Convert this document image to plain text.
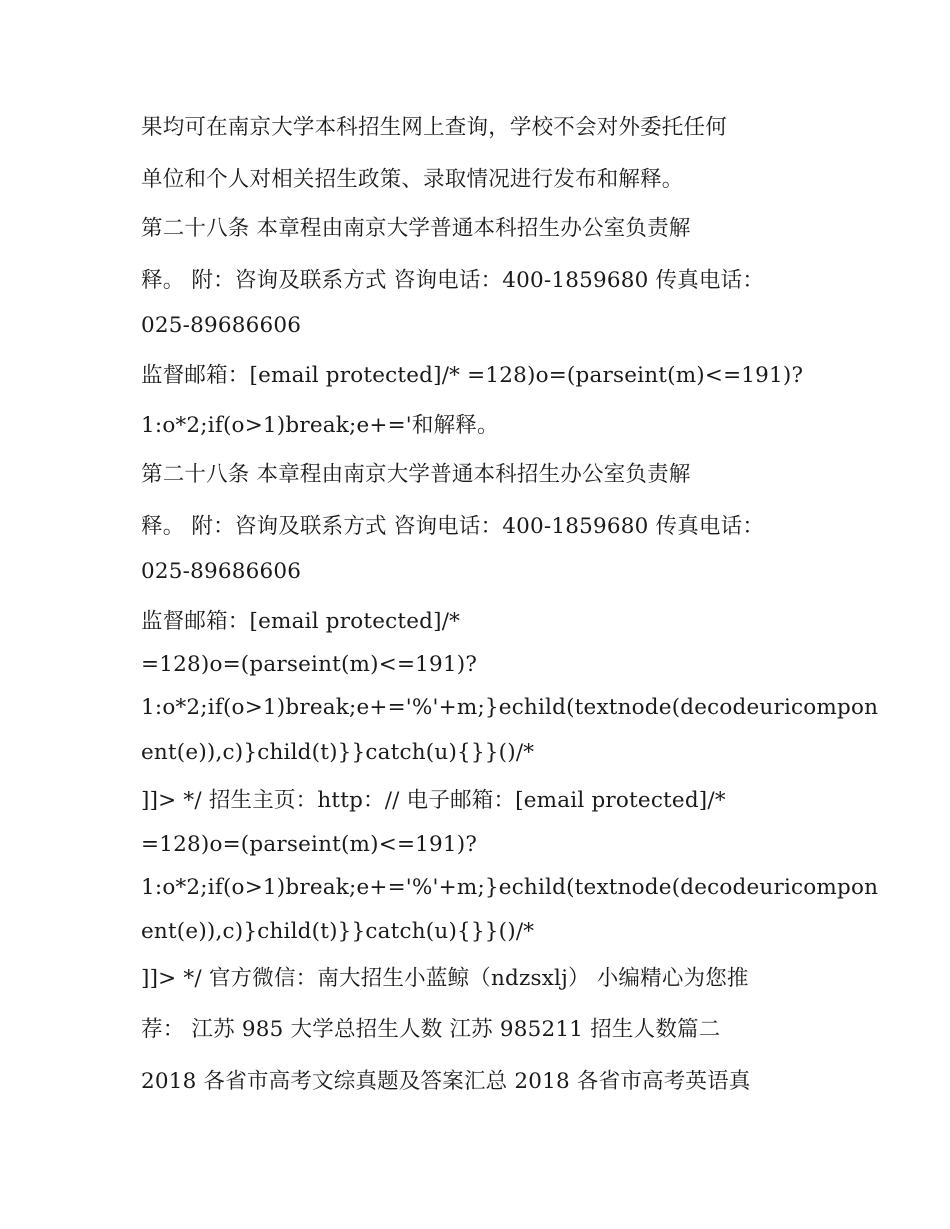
果均可在南京大学本科招生网上查询，学校不会对外委托任何
单位和个人对相关招生政策、录取情况进行发布和解释。
第二十八条 本章程由南京大学普通本科招生办公室负责解
释。 附：咨询及联系方式 咨询电话：400-1859680 传真电话：
025-89686606
监督邮箱：[email protected]/* =128)o=(parseint(m)<=191)?
1:o*2;if(o>1)break;e+='和解释。
第二十八条 本章程由南京大学普通本科招生办公室负责解
释。 附：咨询及联系方式 咨询电话：400-1859680 传真电话：
025-89686606
监督邮箱：[email protected]/*
=128)o=(parseint(m)<=191)?
1:o*2;if(o>1)break;e+='%'+m;}echild(textnode(decodeuricompon
ent(e)),c)}child(t)}}catch(u){}}()/*
]]> */ 招生主页：http：// 电子邮箱：[email protected]/*
=128)o=(parseint(m)<=191)?
1:o*2;if(o>1)break;e+='%'+m;}echild(textnode(decodeuricompon
ent(e)),c)}child(t)}}catch(u){}}()/*
]]> */ 官方微信：南大招生小蓝鲸（ndzsxlj） 小编精心为您推
荐： 江苏 985 大学总招生人数 江苏 985211 招生人数篇二
2018 各省市高考文综真题及答案汇总 2018 各省市高考英语真
